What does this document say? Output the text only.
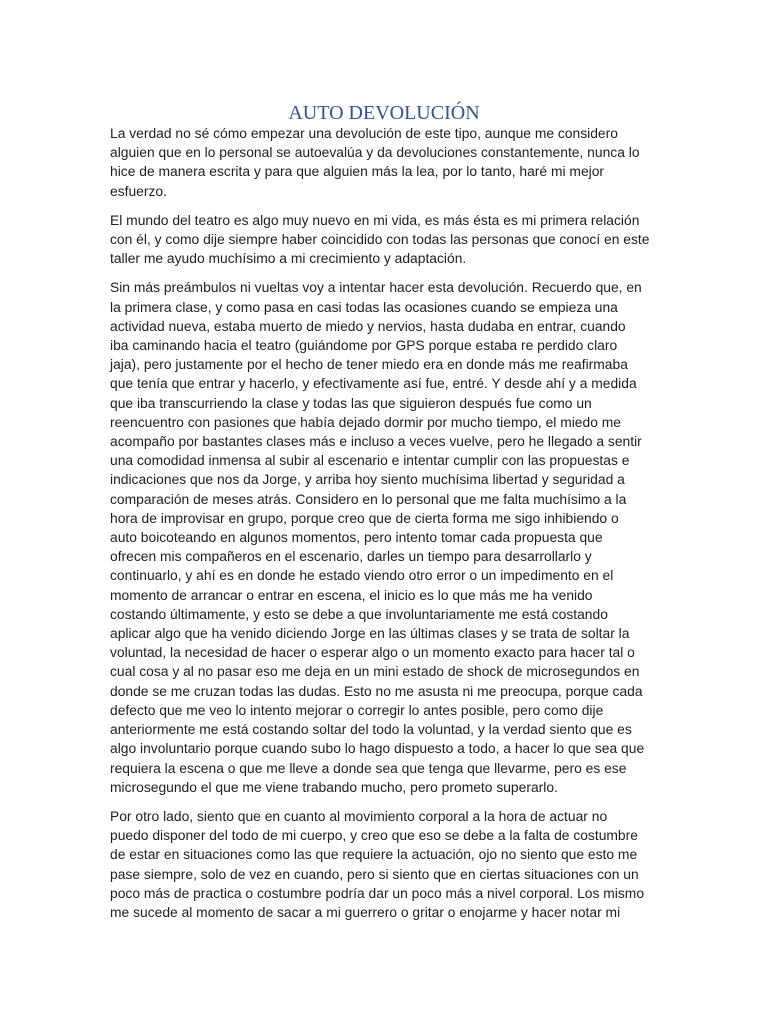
AUTO DEVOLUCIÓN

La verdad no sé cómo empezar una devolución de este tipo, aunque me considero
alguien que en lo personal se autoevalúa y da devoluciones constantemente, nunca lo
hice de manera escrita y para que alguien más la lea, por lo tanto, haré mi mejor
esfuerzo.

El mundo del teatro es algo muy nuevo en mi vida, es más ésta es mi primera relación
con él, y como dije siempre haber coincidido con todas las personas que conocí en este
taller me ayudo muchísimo a mi crecimiento y adaptación.

Sin más preámbulos ni vueltas voy a intentar hacer esta devolución. Recuerdo que, en
la primera clase, y como pasa en casi todas las ocasiones cuando se empieza una
actividad nueva, estaba muerto de miedo y nervios, hasta dudaba en entrar, cuando
iba caminando hacia el teatro (guiándome por GPS porque estaba re perdido claro
jaja), pero justamente por el hecho de tener miedo era en donde más me reafirmaba
que tenía que entrar y hacerlo, y efectivamente así fue, entré. Y desde ahí y a medida
que iba transcurriendo la clase y todas las que siguieron después fue como un
reencuentro con pasiones que había dejado dormir por mucho tiempo, el miedo me
acompaño por bastantes clases más e incluso a veces vuelve, pero he llegado a sentir
una comodidad inmensa al subir al escenario e intentar cumplir con las propuestas e
indicaciones que nos da Jorge, y arriba hoy siento muchísima libertad y seguridad a
comparación de meses atrás. Considero en lo personal que me falta muchísimo a la
hora de improvisar en grupo, porque creo que de cierta forma me sigo inhibiendo o
auto boicoteando en algunos momentos, pero intento tomar cada propuesta que
ofrecen mis compañeros en el escenario, darles un tiempo para desarrollarlo y
continuarlo, y ahí es en donde he estado viendo otro error o un impedimento en el
momento de arrancar o entrar en escena, el inicio es lo que más me ha venido
costando últimamente, y esto se debe a que involuntariamente me está costando
aplicar algo que ha venido diciendo Jorge en las últimas clases y se trata de soltar la
voluntad, la necesidad de hacer o esperar algo o un momento exacto para hacer tal o
cual cosa y al no pasar eso me deja en un mini estado de shock de microsegundos en
donde se me cruzan todas las dudas. Esto no me asusta ni me preocupa, porque cada
defecto que me veo lo intento mejorar o corregir lo antes posible, pero como dije
anteriormente me está costando soltar del todo la voluntad, y la verdad siento que es
algo involuntario porque cuando subo lo hago dispuesto a todo, a hacer lo que sea que
requiera la escena o que me lleve a donde sea que tenga que llevarme, pero es ese
microsegundo el que me viene trabando mucho, pero prometo superarlo.

Por otro lado, siento que en cuanto al movimiento corporal a la hora de actuar no
puedo disponer del todo de mi cuerpo, y creo que eso se debe a la falta de costumbre
de estar en situaciones como las que requiere la actuación, ojo no siento que esto me
pase siempre, solo de vez en cuando, pero si siento que en ciertas situaciones con un
poco más de practica o costumbre podría dar un poco más a nivel corporal. Los mismo
me sucede al momento de sacar a mi guerrero o gritar o enojarme y hacer notar mi
